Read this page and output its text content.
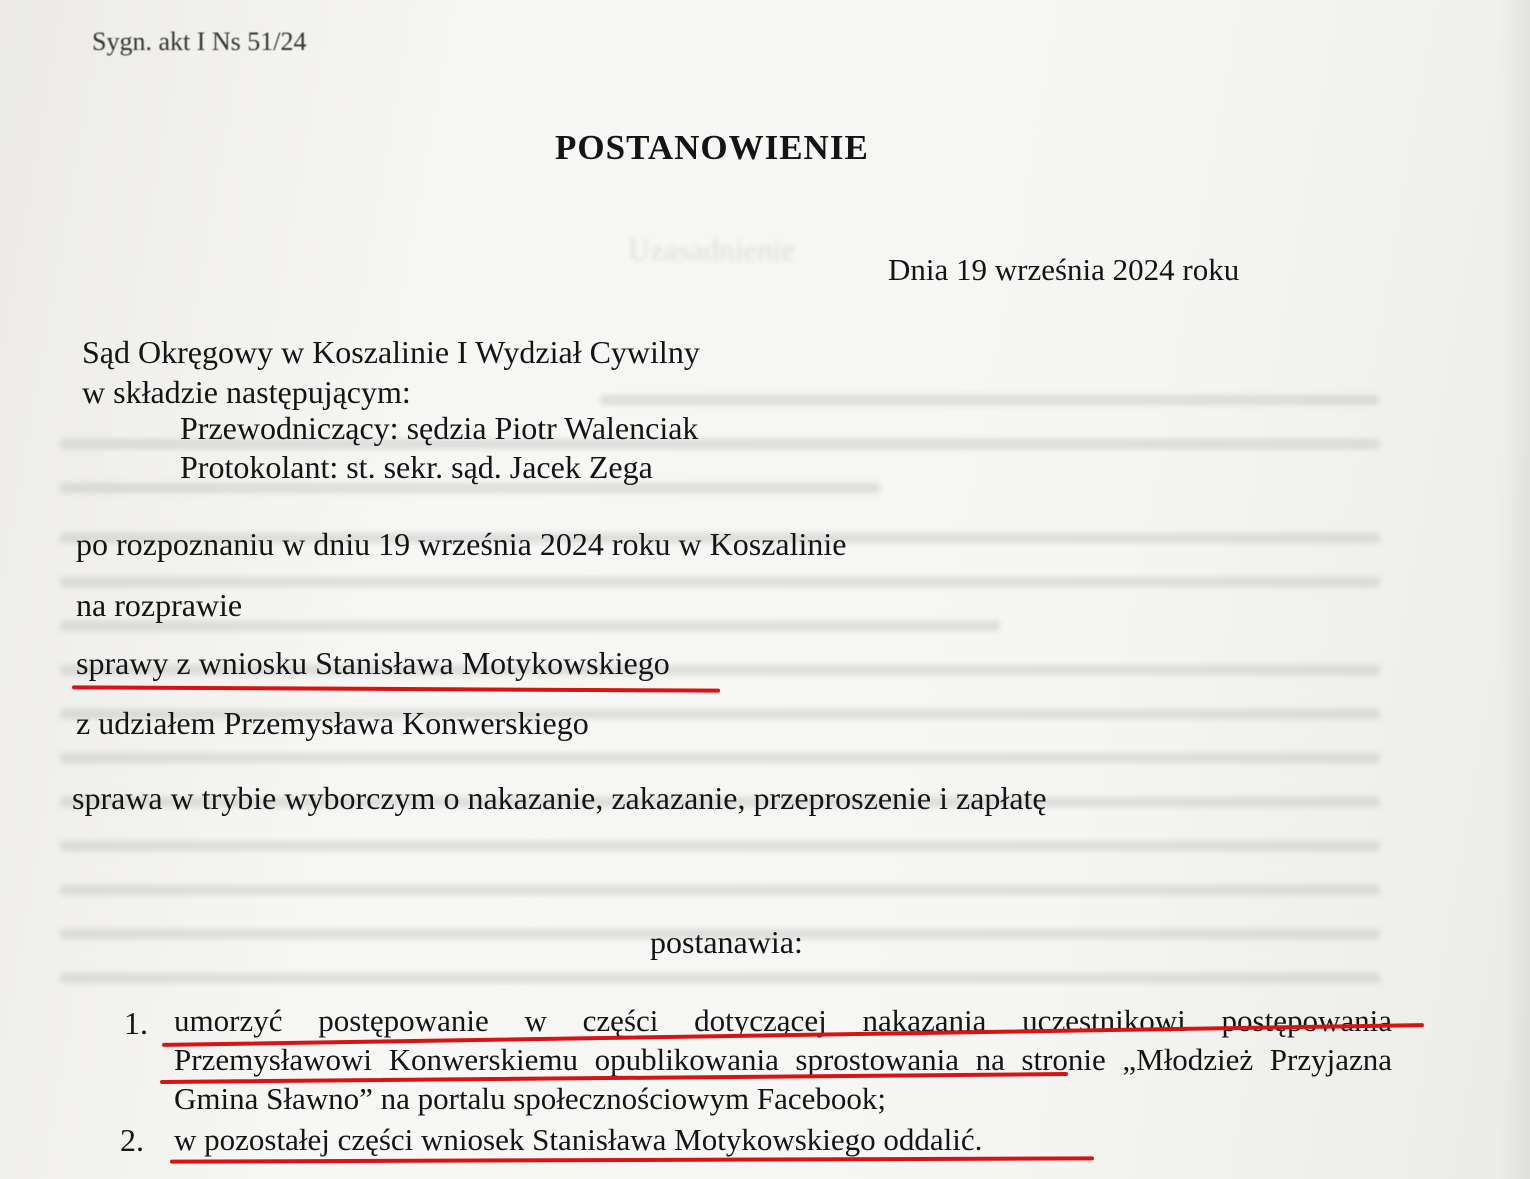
Uzasadnienie
Sygn. akt I Ns 51/24
POSTANOWIENIE
Dnia 19 września 2024 roku
Sąd Okręgowy w Koszalinie I Wydział Cywilny
w składzie następującym:
Przewodniczący: sędzia Piotr Walenciak
Protokolant: st. sekr. sąd. Jacek Zega
po rozpoznaniu w dniu 19 września 2024 roku w Koszalinie
na rozprawie
sprawy z wniosku Stanisława Motykowskiego
z udziałem Przemysława Konwerskiego
sprawa w trybie wyborczym o nakazanie, zakazanie, przeproszenie i zapłatę
postanawia:
1. umorzyć postępowanie w części dotyczącej nakazania uczestnikowi postępowania Przemysławowi Konwerskiemu opublikowania sprostowania na stronie „Młodzież Przyjazna Gmina Sławno” na portalu społecznościowym Facebook;
2. w pozostałej części wniosek Stanisława Motykowskiego oddalić.
